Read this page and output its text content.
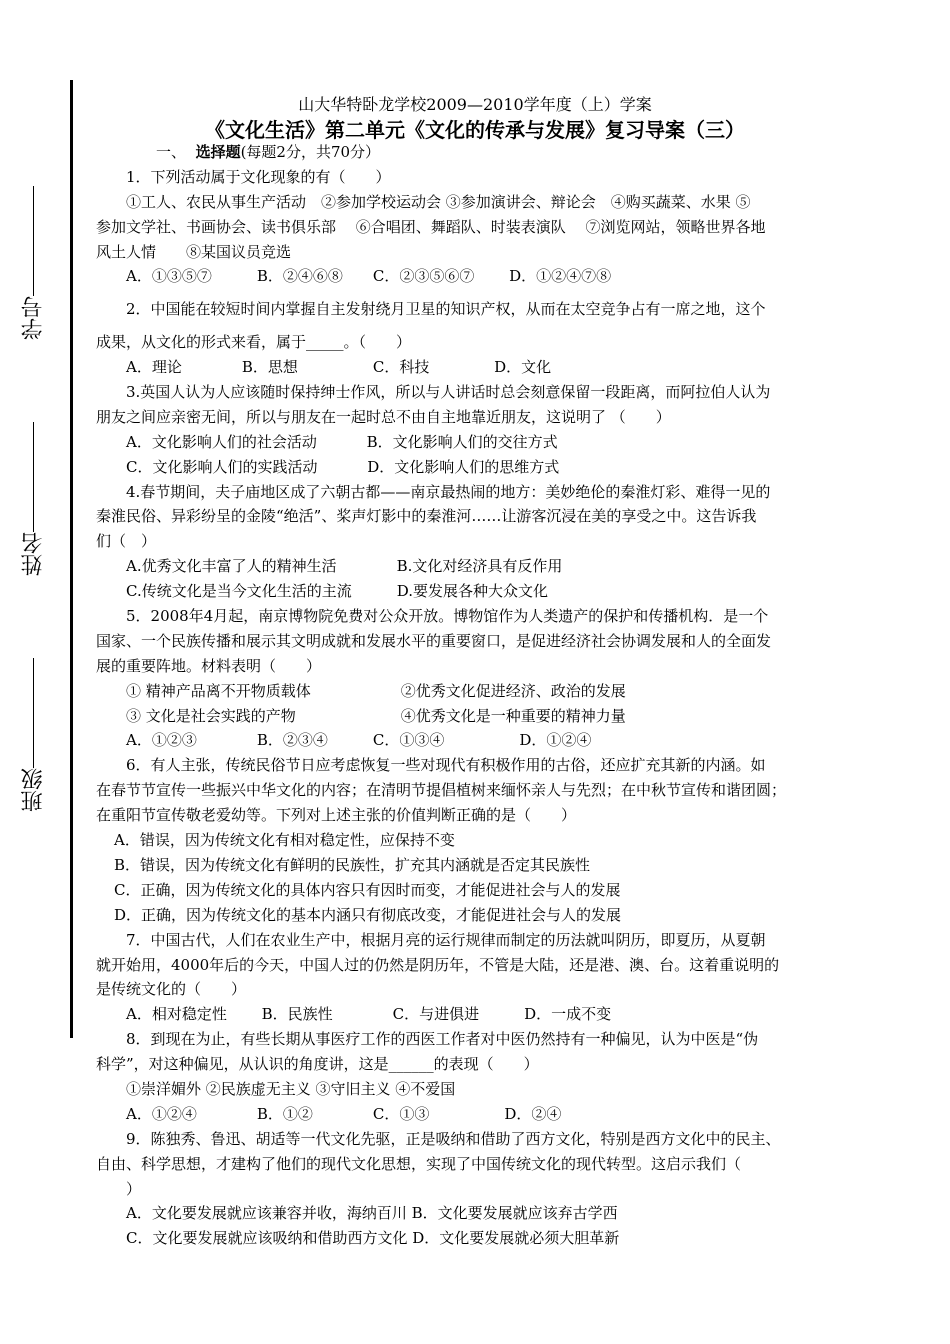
学号
姓名
班级
山大华特卧龙学校2009—2010学年度（上）学案
《文化生活》第二单元《文化的传承与发展》复习导案（三）
一、 选择题(每题2分，共70分）
1．下列活动属于文化现象的有（　　）
①工人、农民从事生产活动　②参加学校运动会 ③参加演讲会、辩论会　④购买蔬菜、水果 ⑤
参加文学社、书画协会、读书俱乐部　 ⑥合唱团、舞蹈队、时装表演队　 ⑦浏览网站，领略世界各地
风土人情　　⑧某国议员竞选
A．①③⑤⑦　　　B．②④⑥⑧　　C．②③⑤⑥⑦　　 D．①②④⑦⑧
2．中国能在较短时间内掌握自主发射绕月卫星的知识产权，从而在太空竞争占有一席之地，这个
成果，从文化的形式来看，属于_____。（　　）
A．理论　　　　B．思想　　　　　C．科技　　　　 D．文化
3.英国人认为人应该随时保持绅士作风，所以与人讲话时总会刻意保留一段距离，而阿拉伯人认为
朋友之间应亲密无间，所以与朋友在一起时总不由自主地靠近朋友，这说明了 （　　）
A．文化影响人们的社会活动　　　 B．文化影响人们的交往方式
C．文化影响人们的实践活动　　　 D．文化影响人们的思维方式
4.春节期间，夫子庙地区成了六朝古都——南京最热闹的地方：美妙绝伦的秦淮灯彩、难得一见的
秦淮民俗、异彩纷呈的金陵“绝活”、桨声灯影中的秦淮河……让游客沉浸在美的享受之中。这告诉我
们（　）
A.优秀文化丰富了人的精神生活　　　　B.文化对经济具有反作用
C.传统文化是当今文化生活的主流　　　D.要发展各种大众文化
5．2008年4月起，南京博物院免费对公众开放。博物馆作为人类遗产的保护和传播机构．是一个
国家、一个民族传播和展示其文明成就和发展水平的重要窗口，是促进经济社会协调发展和人的全面发
展的重要阵地。材料表明（　　）
① 精神产品离不开物质载体　　　　　　②优秀文化促进经济、政治的发展
③ 文化是社会实践的产物　　　　　　　④优秀文化是一种重要的精神力量
A．①②③　　　　B．②③④　　　C．①③④　　　　　D．①②④
6．有人主张，传统民俗节日应考虑恢复一些对现代有积极作用的古俗，还应扩充其新的内涵。如
在春节节宣传一些振兴中华文化的内容；在清明节提倡植树来缅怀亲人与先烈；在中秋节宣传和谐团圆；
在重阳节宣传敬老爱幼等。下列对上述主张的价值判断正确的是（　　）
A．错误，因为传统文化有相对稳定性，应保持不变
B．错误，因为传统文化有鲜明的民族性，扩充其内涵就是否定其民族性
C．正确，因为传统文化的具体内容只有因时而变，才能促进社会与人的发展
D．正确，因为传统文化的基本内涵只有彻底改变，才能促进社会与人的发展
7．中国古代，人们在农业生产中，根据月亮的运行规律而制定的历法就叫阴历，即夏历，从夏朝
就开始用，4000年后的今天，中国人过的仍然是阴历年，不管是大陆，还是港、澳、台。这着重说明的
是传统文化的（　　）
A．相对稳定性　　 B．民族性　　　　C．与进俱进　　　D．一成不变
8．到现在为止，有些长期从事医疗工作的西医工作者对中医仍然持有一种偏见，认为中医是“伪
科学”，对这种偏见，从认识的角度讲，这是______的表现（　　）
①崇洋媚外 ②民族虚无主义 ③守旧主义 ④不爱国
A．①②④　　　　B．①②　　　　C．①③　　　　　D．②④
9．陈独秀、鲁迅、胡适等一代文化先驱，正是吸纳和借助了西方文化，特别是西方文化中的民主、
自由、科学思想，才建构了他们的现代文化思想，实现了中国传统文化的现代转型。这启示我们（
）
A．文化要发展就应该兼容并收，海纳百川 B．文化要发展就应该弃古学西
C．文化要发展就应该吸纳和借助西方文化 D．文化要发展就必须大胆革新
